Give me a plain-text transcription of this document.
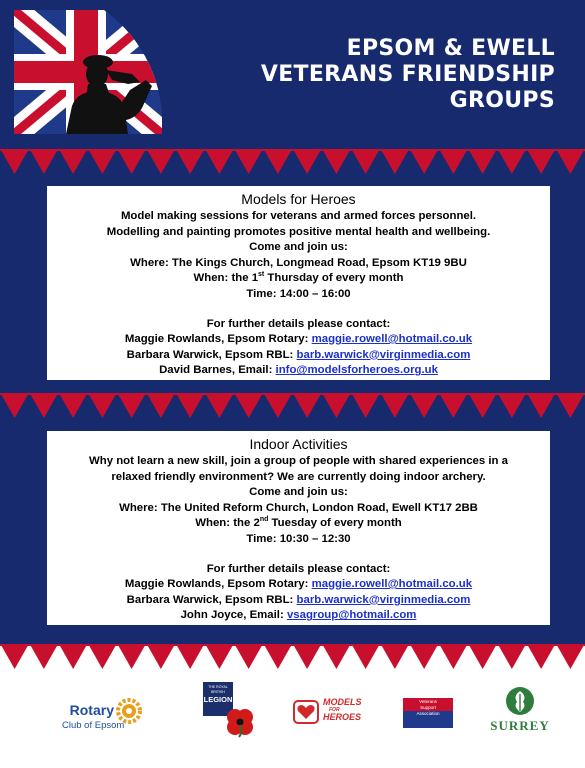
EPSOM & EWELL
VETERANS FRIENDSHIP
GROUPS
Models for Heroes
Model making sessions for veterans and armed forces personnel.
Modelling and painting promotes positive mental health and wellbeing.
Come and join us:
Where: The Kings Church, Longmead Road, Epsom KT19 9BU
When: the 1st Thursday of every month
Time: 14:00 – 16:00
For further details please contact:
Maggie Rowlands, Epsom Rotary: maggie.rowell@hotmail.co.uk
Barbara Warwick, Epsom RBL: barb.warwick@virginmedia.com
David Barnes, Email: info@modelsforheroes.org.uk
Indoor Activities
Why not learn a new skill, join a group of people with shared experiences in a
relaxed friendly environment? We are currently doing indoor archery.
Come and join us:
Where: The United Reform Church, London Road, Ewell KT17 2BB
When: the 2nd Tuesday of every month
Time: 10:30 – 12:30
For further details please contact:
Maggie Rowlands, Epsom Rotary: maggie.rowell@hotmail.co.uk
Barbara Warwick, Epsom RBL: barb.warwick@virginmedia.com
John Joyce, Email: vsagroup@hotmail.com
Rotary
Club of Epsom
THE ROYAL BRITISH
LEGION	MODELS
FOR
HEROES
Veterans
Support
Association
SURREY
